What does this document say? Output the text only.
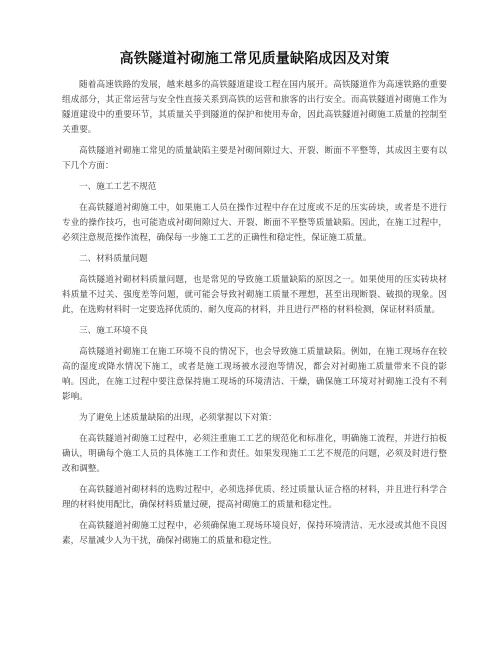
高铁隧道衬砌施工常见质量缺陷成因及对策

随着高速铁路的发展，越来越多的高铁隧道建设工程在国内展开。高铁隧道作为高速铁路的重要组成部分，其正常运营与安全性直接关系到高铁的运营和旅客的出行安全。而高铁隧道衬砌施工作为隧道建设中的重要环节，其质量关乎到隧道的保护和使用寿命，因此高铁隧道衬砌施工质量的控制至关重要。

高铁隧道衬砌施工常见的质量缺陷主要是衬砌间隙过大、开裂、断面不平整等，其成因主要有以下几个方面：

一、施工工艺不规范

在高铁隧道衬砌施工中，如果施工人员在操作过程中存在过度或不足的压实砖块，或者是不进行专业的操作技巧，也可能造成衬砌间隙过大、开裂、断面不平整等质量缺陷。因此，在施工过程中，必须注意规范操作流程，确保每一步施工工艺的正确性和稳定性，保证施工质量。

二、材料质量问题

高铁隧道衬砌材料质量问题，也是常见的导致施工质量缺陷的原因之一。如果使用的压实砖块材料质量不过关、强度差等问题，就可能会导致衬砌施工质量不理想，甚至出现断裂、破损的现象。因此，在选购材料时一定要选择优质的、耐久度高的材料，并且进行严格的材料检测，保证材料质量。

三、施工环境不良

高铁隧道衬砌施工在施工环境不良的情况下，也会导致施工质量缺陷。例如，在施工现场存在较高的湿度或降水情况下施工，或者是施工现场被水浸泡等情况，都会对衬砌施工质量带来不良的影响。因此，在施工过程中要注意保持施工现场的环境清洁、干燥，确保施工环境对衬砌施工没有不利影响。

为了避免上述质量缺陷的出现，必须掌握以下对策：

在高铁隧道衬砌施工过程中，必须注重施工工艺的规范化和标准化，明确施工流程，并进行拍板确认，明确每个施工人员的具体施工工作和责任。如果发现施工工艺不规范的问题，必须及时进行整改和调整。

在高铁隧道衬砌材料的选购过程中，必须选择优质、经过质量认证合格的材料，并且进行科学合理的材料使用配比，确保材料质量过硬，提高衬砌施工的质量和稳定性。

在高铁隧道衬砌施工过程中，必须确保施工现场环境良好，保持环境清洁、无水浸或其他不良因素，尽量减少人为干扰，确保衬砌施工的质量和稳定性。
